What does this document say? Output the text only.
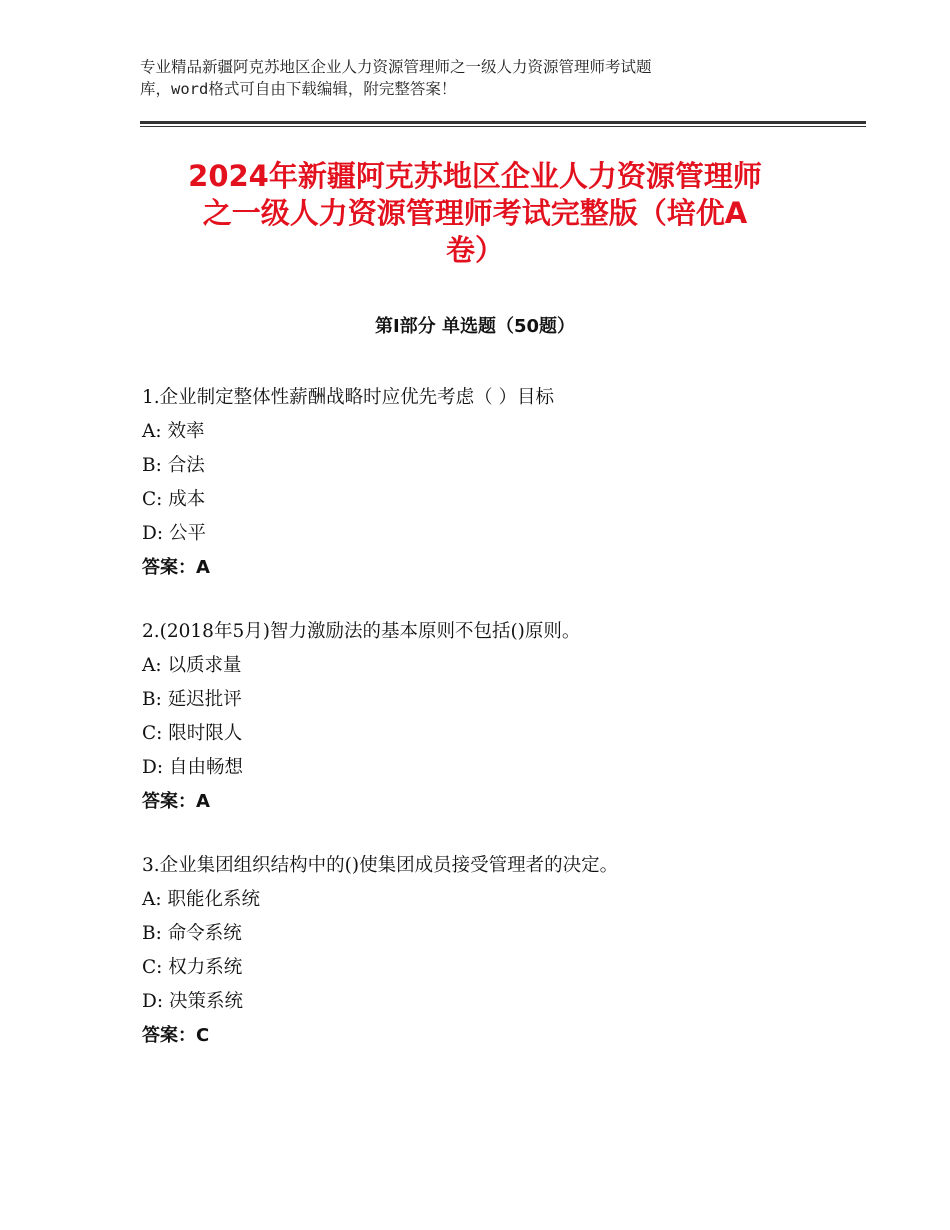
专业精品新疆阿克苏地区企业人力资源管理师之一级人力资源管理师考试题
库，word格式可自由下载编辑，附完整答案！
2024年新疆阿克苏地区企业人力资源管理师
之一级人力资源管理师考试完整版（培优A
卷）
第Ⅰ部分 单选题（50题）
1.企业制定整体性薪酬战略时应优先考虑（ ）目标
A: 效率
B: 合法
C: 成本
D: 公平
答案：A
2.(2018年5月)智力激励法的基本原则不包括()原则。
A: 以质求量
B: 延迟批评
C: 限时限人
D: 自由畅想
答案：A
3.企业集团组织结构中的()使集团成员接受管理者的决定。
A: 职能化系统
B: 命令系统
C: 权力系统
D: 决策系统
答案：C
